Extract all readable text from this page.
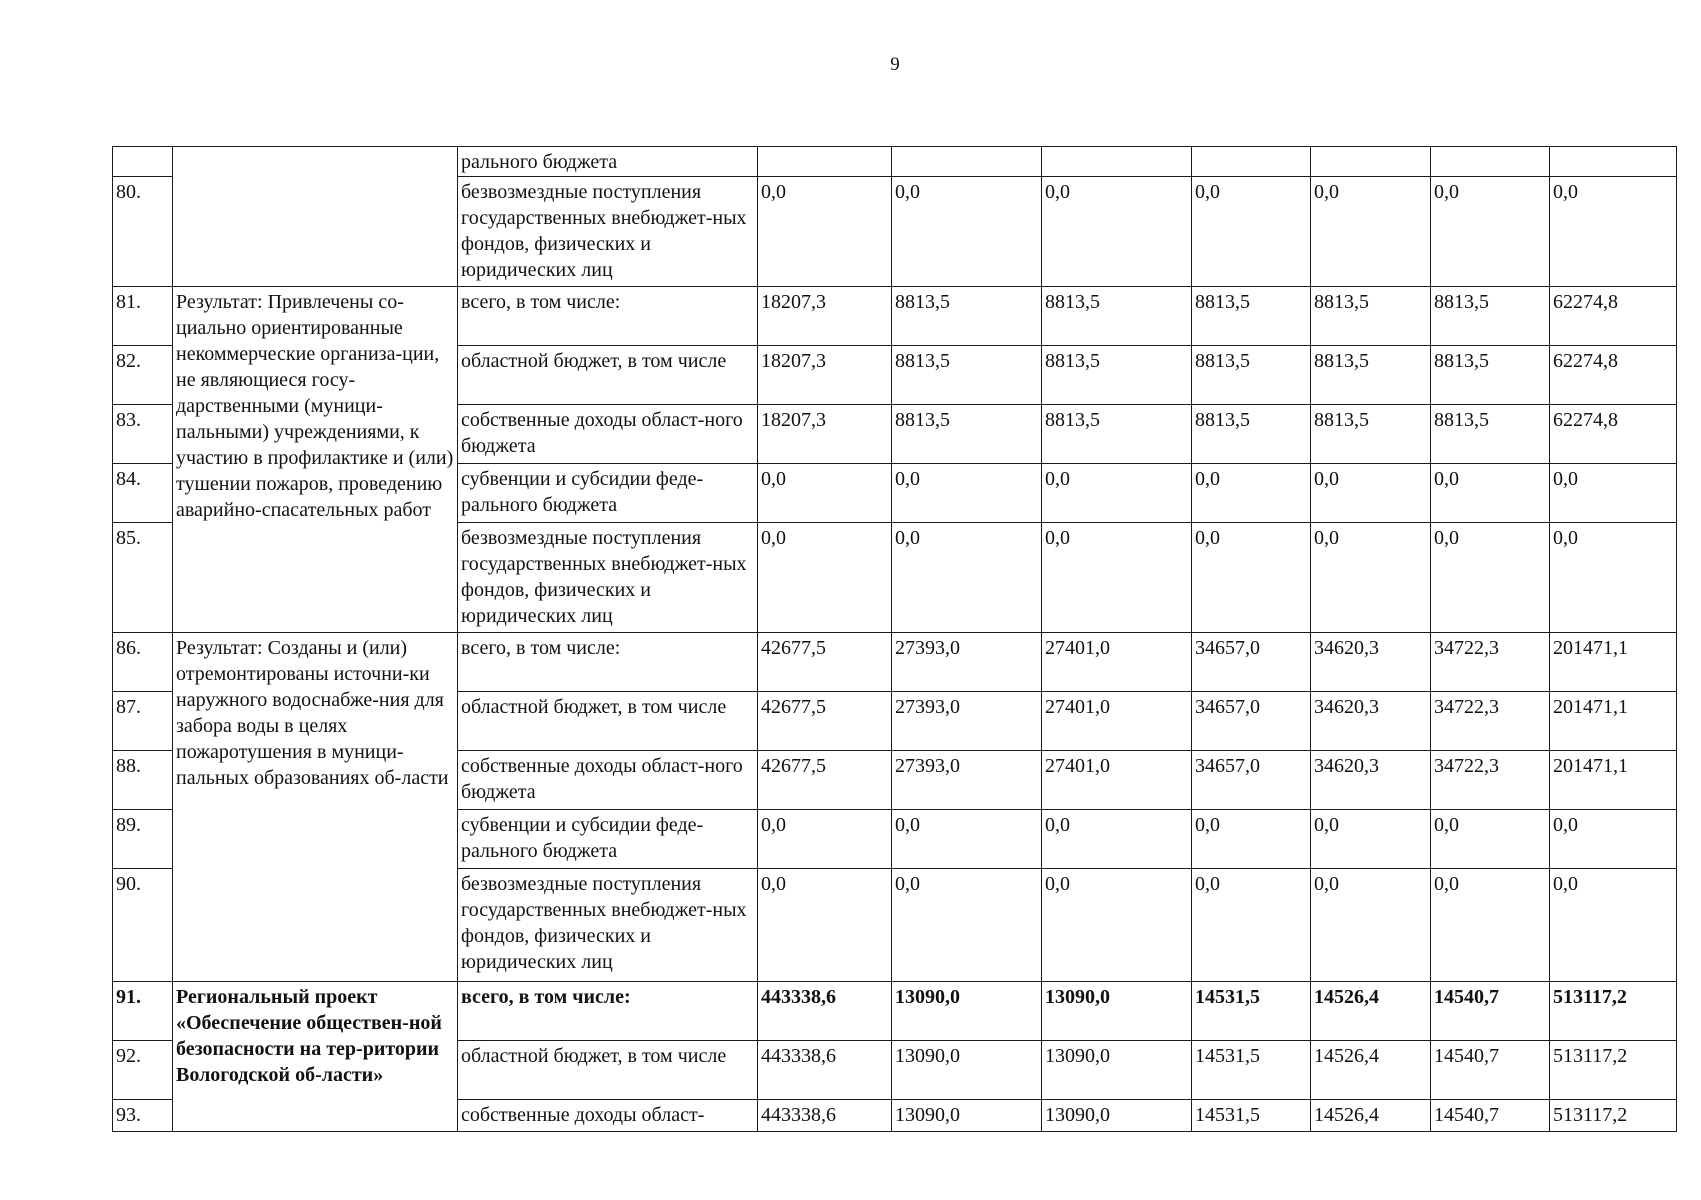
9
		рального бюджета							
80.		безвозмездные поступления государственных внебюджет-ных фондов, физических и юридических лиц	0,0	0,0	0,0	0,0	0,0	0,0	0,0
81.	Результат: Привлечены со-циально ориентированные некоммерческие организа-ции, не являющиеся госу-дарственными (муници-пальными) учреждениями, к участию в профилактике и (или) тушении пожаров, проведению аварийно-спасательных работ	всего, в том числе:	18207,3	8813,5	8813,5	8813,5	8813,5	8813,5	62274,8
82.		областной бюджет, в том числе	18207,3	8813,5	8813,5	8813,5	8813,5	8813,5	62274,8
83.		собственные доходы област-ного бюджета	18207,3	8813,5	8813,5	8813,5	8813,5	8813,5	62274,8
84.		субвенции и субсидии феде-рального бюджета	0,0	0,0	0,0	0,0	0,0	0,0	0,0
85.		безвозмездные поступления государственных внебюджет-ных фондов, физических и юридических лиц	0,0	0,0	0,0	0,0	0,0	0,0	0,0
86.	Результат: Созданы и (или) отремонтированы источни-ки наружного водоснабже-ния для забора воды в целях пожаротушения в муници-пальных образованиях об-ласти	всего, в том числе:	42677,5	27393,0	27401,0	34657,0	34620,3	34722,3	201471,1
87.		областной бюджет, в том числе	42677,5	27393,0	27401,0	34657,0	34620,3	34722,3	201471,1
88.		собственные доходы област-ного бюджета	42677,5	27393,0	27401,0	34657,0	34620,3	34722,3	201471,1
89.		субвенции и субсидии феде-рального бюджета	0,0	0,0	0,0	0,0	0,0	0,0	0,0
90.		безвозмездные поступления государственных внебюджет-ных фондов, физических и юридических лиц	0,0	0,0	0,0	0,0	0,0	0,0	0,0
91.	Региональный проект «Обеспечение обществен-ной безопасности на тер-ритории Вологодской об-ласти»	всего, в том числе:	443338,6	13090,0	13090,0	14531,5	14526,4	14540,7	513117,2
92.		областной бюджет, в том числе	443338,6	13090,0	13090,0	14531,5	14526,4	14540,7	513117,2
93.		собственные доходы област-	443338,6	13090,0	13090,0	14531,5	14526,4	14540,7	513117,2
